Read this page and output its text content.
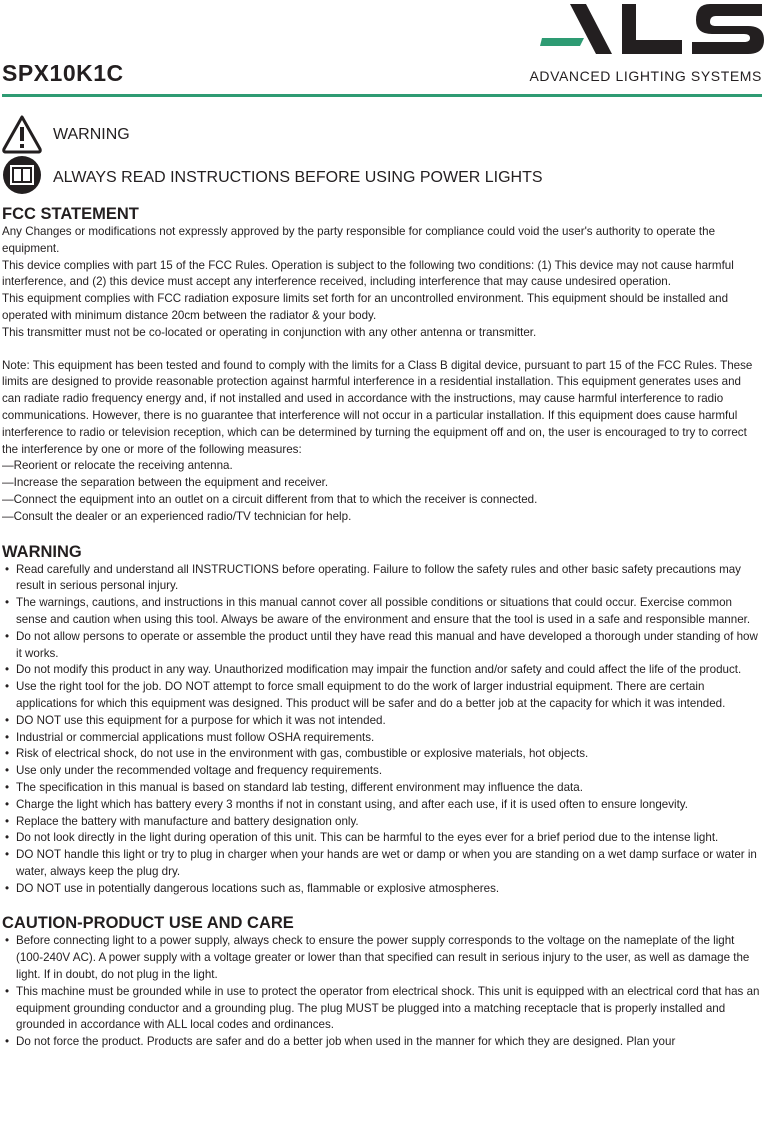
SPX10K1C	ADVANCED LIGHTING SYSTEMS
WARNING
ALWAYS READ INSTRUCTIONS BEFORE USING POWER LIGHTS
FCC STATEMENT

Any Changes or modifications not expressly approved by the party responsible for compliance could void the user's authority to operate the equipment.

This device complies with part 15 of the FCC Rules. Operation is subject to the following two conditions: (1) This device may not cause harmful interference, and (2) this device must accept any interference received, including interference that may cause undesired operation.

This equipment complies with FCC radiation exposure limits set forth for an uncontrolled environment. This equipment should be installed and operated with minimum distance 20cm between the radiator & your body.

This transmitter must not be co-located or operating in conjunction with any other antenna or transmitter.

Note: This equipment has been tested and found to comply with the limits for a Class B digital device, pursuant to part 15 of the FCC Rules. These limits are designed to provide reasonable protection against harmful interference in a residential installation. This equipment generates uses and can radiate radio frequency energy and, if not installed and used in accordance with the instructions, may cause harmful interference to radio communications. However, there is no guarantee that interference will not occur in a particular installation. If this equipment does cause harmful interference to radio or television reception, which can be determined by turning the equipment off and on, the user is encouraged to try to correct the interference by one or more of the following measures:

—Reorient or relocate the receiving antenna.

—Increase the separation between the equipment and receiver.

—Connect the equipment into an outlet on a circuit different from that to which the receiver is connected.

—Consult the dealer or an experienced radio/TV technician for help.

WARNING
• Read carefully and understand all INSTRUCTIONS before operating. Failure to follow the safety rules and other basic safety precautions may result in serious personal injury.
• The warnings, cautions, and instructions in this manual cannot cover all possible conditions or situations that could occur. Exercise common sense and caution when using this tool. Always be aware of the environment and ensure that the tool is used in a safe and responsible manner.
• Do not allow persons to operate or assemble the product until they have read this manual and have developed a thorough under standing of how it works.
• Do not modify this product in any way. Unauthorized modification may impair the function and/or safety and could affect the life of the product.
• Use the right tool for the job. DO NOT attempt to force small equipment to do the work of larger industrial equipment. There are certain applications for which this equipment was designed. This product will be safer and do a better job at the capacity for which it was intended.
• DO NOT use this equipment for a purpose for which it was not intended.
• Industrial or commercial applications must follow OSHA requirements.
• Risk of electrical shock, do not use in the environment with gas, combustible or explosive materials, hot objects.
• Use only under the recommended voltage and frequency requirements.
• The specification in this manual is based on standard lab testing, different environment may influence the data.
• Charge the light which has battery every 3 months if not in constant using, and after each use, if it is used often to ensure longevity.
• Replace the battery with manufacture and battery designation only.
• Do not look directly in the light during operation of this unit. This can be harmful to the eyes ever for a brief period due to the intense light.
• DO NOT handle this light or try to plug in charger when your hands are wet or damp or when you are standing on a wet damp surface or water in water, always keep the plug dry.
• DO NOT use in potentially dangerous locations such as, flammable or explosive atmospheres.
CAUTION-PRODUCT USE AND CARE
• Before connecting light to a power supply, always check to ensure the power supply corresponds to the voltage on the nameplate of the light (100-240V AC). A power supply with a voltage greater or lower than that specified can result in serious injury to the user, as well as damage the light. If in doubt, do not plug in the light.
• This machine must be grounded while in use to protect the operator from electrical shock. This unit is equipped with an electrical cord that has an equipment grounding conductor and a grounding plug. The plug MUST be plugged into a matching receptacle that is properly installed and grounded in accordance with ALL local codes and ordinances.
• Do not force the product. Products are safer and do a better job when used in the manner for which they are designed. Plan your
